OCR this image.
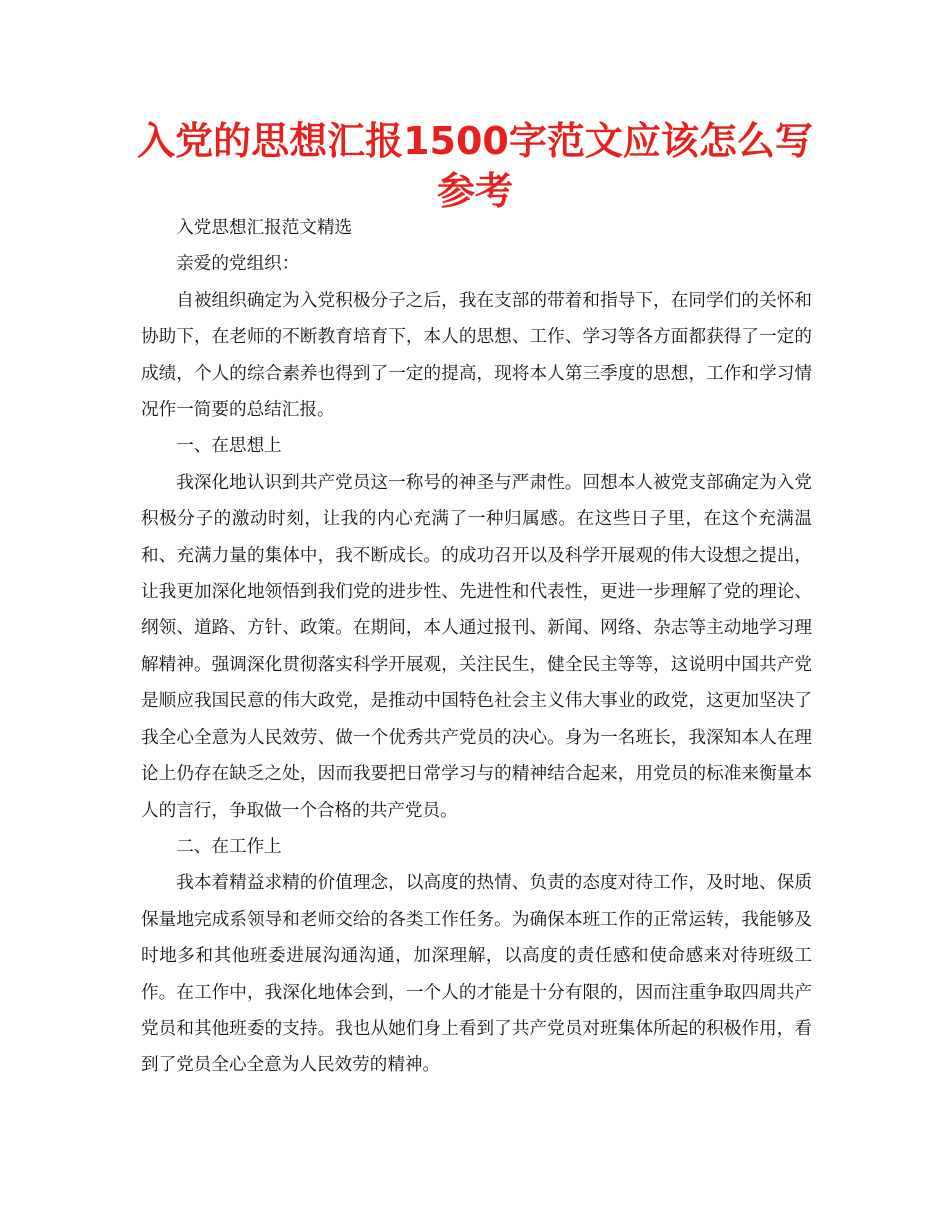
入党的思想汇报1500字范文应该怎么写参考

入党思想汇报范文精选

亲爱的党组织：

自被组织确定为入党积极分子之后，我在支部的带着和指导下，在同学们的关怀和协助下，在老师的不断教育培育下，本人的思想、工作、学习等各方面都获得了一定的成绩，个人的综合素养也得到了一定的提高，现将本人第三季度的思想，工作和学习情况作一简要的总结汇报。

一、在思想上

我深化地认识到共产党员这一称号的神圣与严肃性。回想本人被党支部确定为入党积极分子的激动时刻，让我的内心充满了一种归属感。在这些日子里，在这个充满温和、充满力量的集体中，我不断成长。的成功召开以及科学开展观的伟大设想之提出，让我更加深化地领悟到我们党的进步性、先进性和代表性，更进一步理解了党的理论、纲领、道路、方针、政策。在期间，本人通过报刊、新闻、网络、杂志等主动地学习理解精神。强调深化贯彻落实科学开展观，关注民生，健全民主等等，这说明中国共产党是顺应我国民意的伟大政党，是推动中国特色社会主义伟大事业的政党，这更加坚决了我全心全意为人民效劳、做一个优秀共产党员的决心。身为一名班长，我深知本人在理论上仍存在缺乏之处，因而我要把日常学习与的精神结合起来，用党员的标准来衡量本人的言行，争取做一个合格的共产党员。

二、在工作上

我本着精益求精的价值理念，以高度的热情、负责的态度对待工作，及时地、保质保量地完成系领导和老师交给的各类工作任务。为确保本班工作的正常运转，我能够及时地多和其他班委进展沟通沟通，加深理解，以高度的责任感和使命感来对待班级工作。在工作中，我深化地体会到，一个人的才能是十分有限的，因而注重争取四周共产党员和其他班委的支持。我也从她们身上看到了共产党员对班集体所起的积极作用，看到了党员全心全意为人民效劳的精神。
